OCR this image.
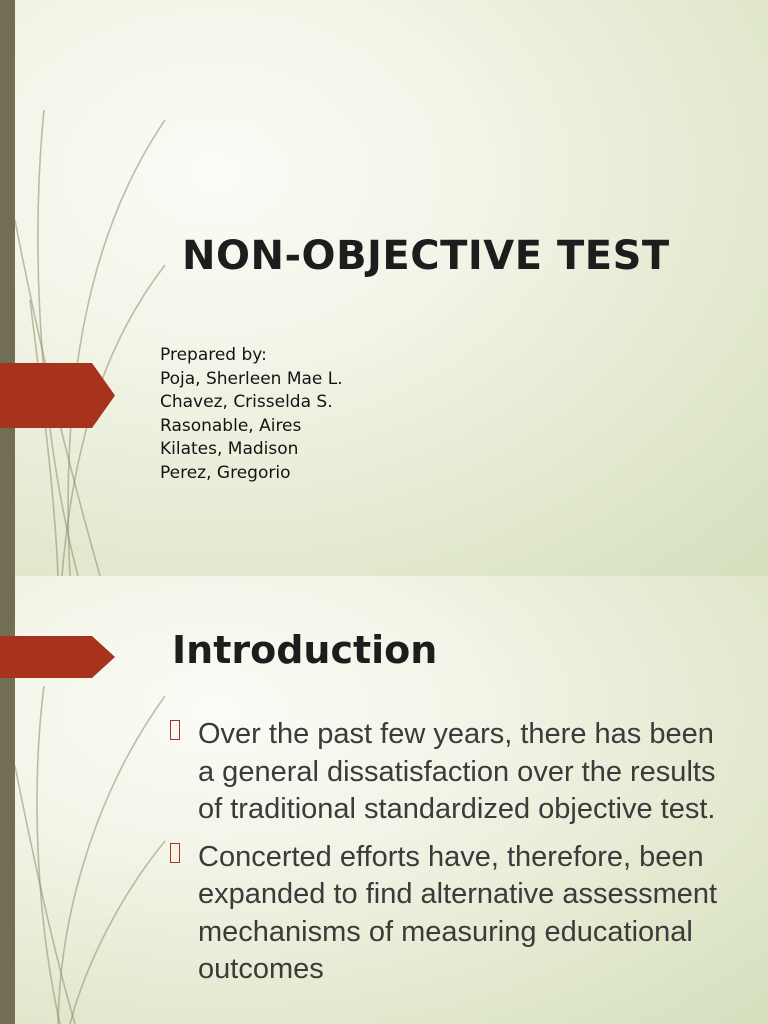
NON-OBJECTIVE TEST
Prepared by:
Poja, Sherleen Mae L.
Chavez, Crisselda S.
Rasonable, Aires
Kilates, Madison
Perez, Gregorio
Introduction
Over the past few years, there has been a general dissatisfaction over the results of traditional standardized objective test.
Concerted efforts have, therefore, been expanded to find alternative assessment mechanisms of measuring educational outcomes
